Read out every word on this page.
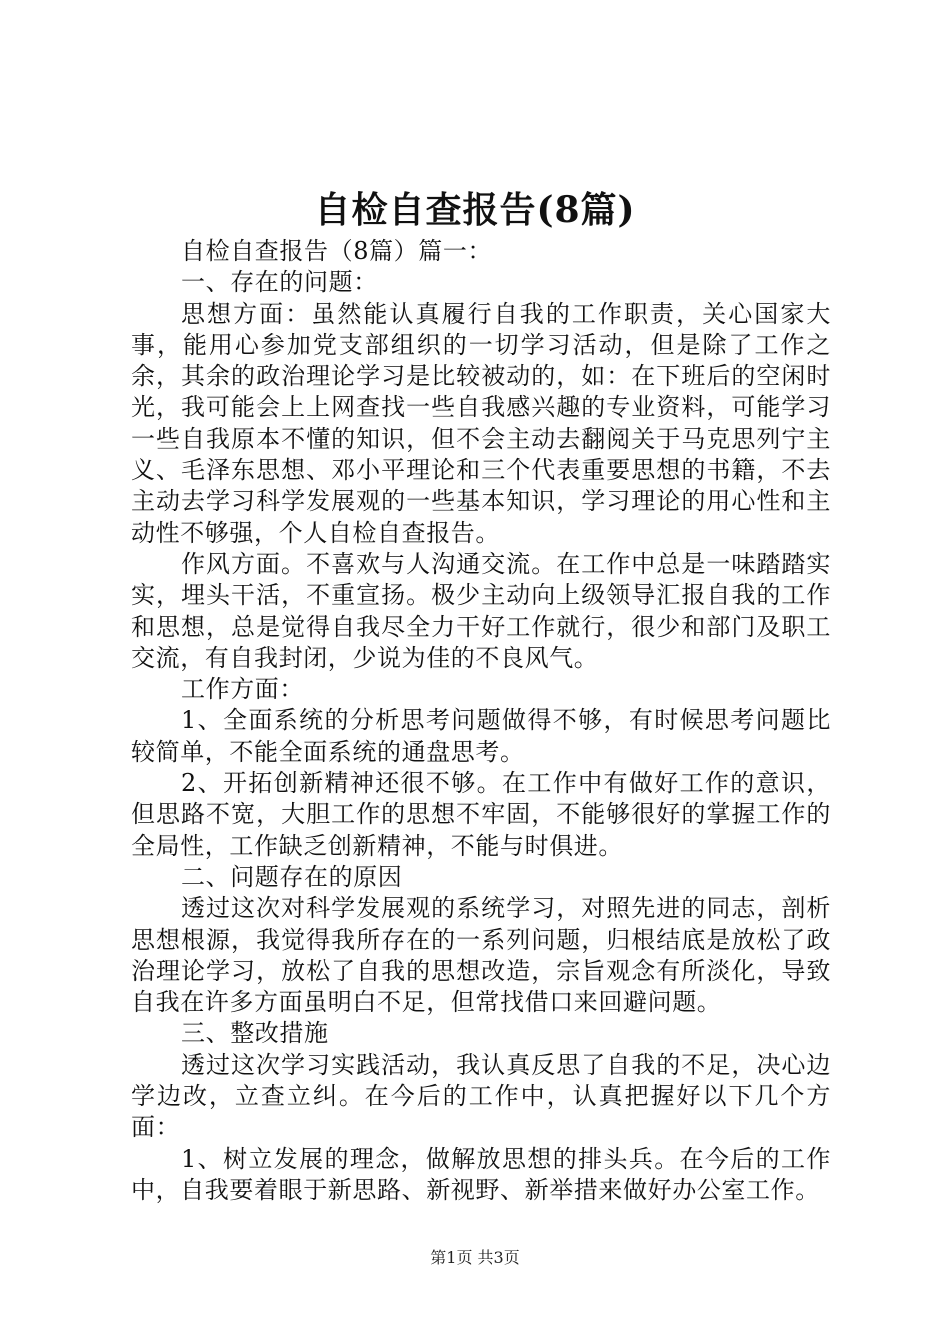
自检自查报告(8篇)

自检自查报告（8篇）篇一：

一、存在的问题：

思想方面：虽然能认真履行自我的工作职责，关心国家大事，能用心参加党支部组织的一切学习活动，但是除了工作之余，其余的政治理论学习是比较被动的，如：在下班后的空闲时光，我可能会上上网查找一些自我感兴趣的专业资料，可能学习一些自我原本不懂的知识，但不会主动去翻阅关于马克思列宁主义、毛泽东思想、邓小平理论和三个代表重要思想的书籍，不去主动去学习科学发展观的一些基本知识，学习理论的用心性和主动性不够强，个人自检自查报告。

作风方面。不喜欢与人沟通交流。在工作中总是一味踏踏实实，埋头干活，不重宣扬。极少主动向上级领导汇报自我的工作和思想，总是觉得自我尽全力干好工作就行，很少和部门及职工交流，有自我封闭，少说为佳的不良风气。

工作方面：

1、全面系统的分析思考问题做得不够，有时候思考问题比较简单，不能全面系统的通盘思考。

2、开拓创新精神还很不够。在工作中有做好工作的意识，但思路不宽，大胆工作的思想不牢固，不能够很好的掌握工作的全局性，工作缺乏创新精神，不能与时俱进。

二、问题存在的原因

透过这次对科学发展观的系统学习，对照先进的同志，剖析思想根源，我觉得我所存在的一系列问题，归根结底是放松了政治理论学习，放松了自我的思想改造，宗旨观念有所淡化，导致自我在许多方面虽明白不足，但常找借口来回避问题。

三、整改措施

透过这次学习实践活动，我认真反思了自我的不足，决心边学边改，立查立纠。在今后的工作中，认真把握好以下几个方面：

1、树立发展的理念，做解放思想的排头兵。在今后的工作中，自我要着眼于新思路、新视野、新举措来做好办公室工作。

第1页 共3页
